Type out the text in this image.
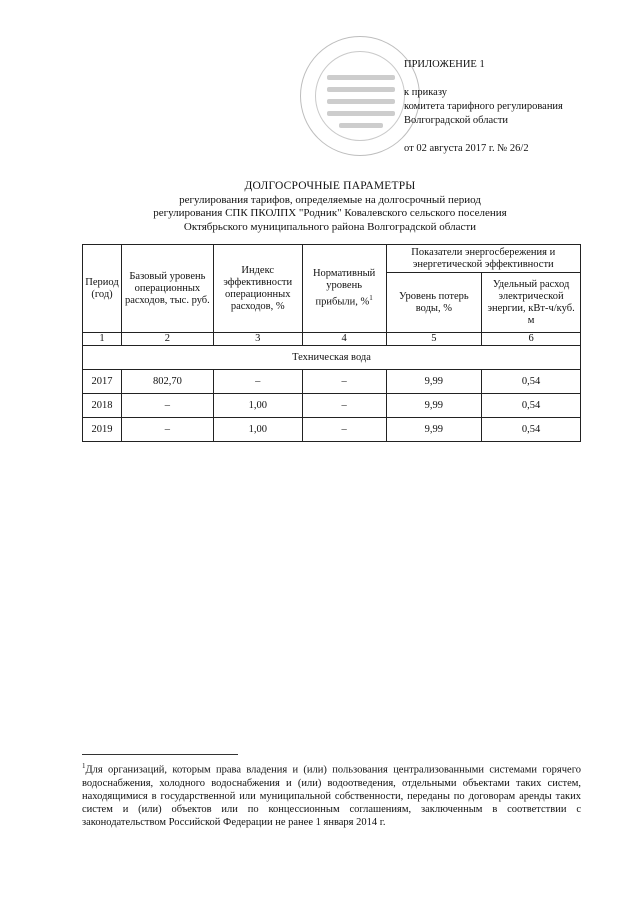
ПРИЛОЖЕНИЕ 1
к приказу
комитета тарифного регулирования
Волгоградской области
от 02 августа 2017 г. № 26/2
ДОЛГОСРОЧНЫЕ ПАРАМЕТРЫ
регулирования тарифов, определяемые на долгосрочный период
регулирования СПК ПКОЛПХ "Родник" Ковалевского сельского поселения
Октябрьского муниципального района Волгоградской области
Период (год)	Базовый уровень операционных расходов, тыс. руб.	Индекс эффективности операционных расходов, %	Нормативный уровень прибыли, %$^1$	Показатели энергосбережения и энергетической эффективности	
				Уровень потерь воды, %	Удельный расход электрической энергии, кВт-ч/куб. м
1	2	3	4	5	6
Техническая вода					
2017	802,70	–	–	9,99	0,54
2018	–	1,00	–	9,99	0,54
2019	–	1,00	–	9,99	0,54
$^1$Для организаций, которым права владения и (или) пользования централизованными системами горячего водоснабжения, холодного водоснабжения и (или) водоотведения, отдельными объектами таких систем, находящимися в государственной или муниципальной собственности, переданы по договорам аренды таких систем и (или) объектов или по концессионным соглашениям, заключенным в соответствии с законодательством Российской Федерации не ранее 1 января 2014 г.
